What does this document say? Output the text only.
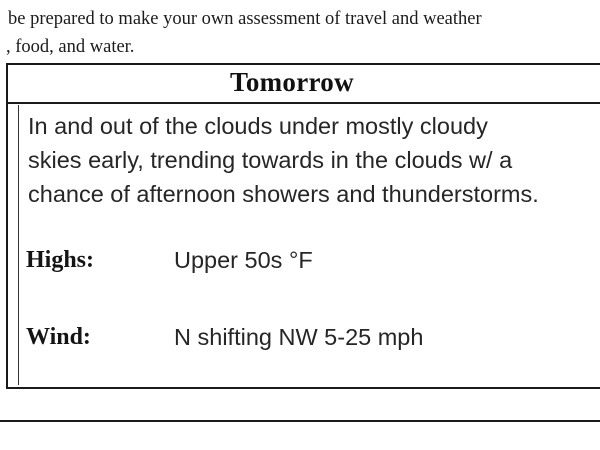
be prepared to make your own assessment of travel and weather
, food, and water.
Tomorrow
In and out of the clouds under mostly cloudy
skies early, trending towards in the clouds w/ a
chance of afternoon showers and thunderstorms.
Highs:	Upper 50s °F
Wind:	N shifting NW 5-25 mph
